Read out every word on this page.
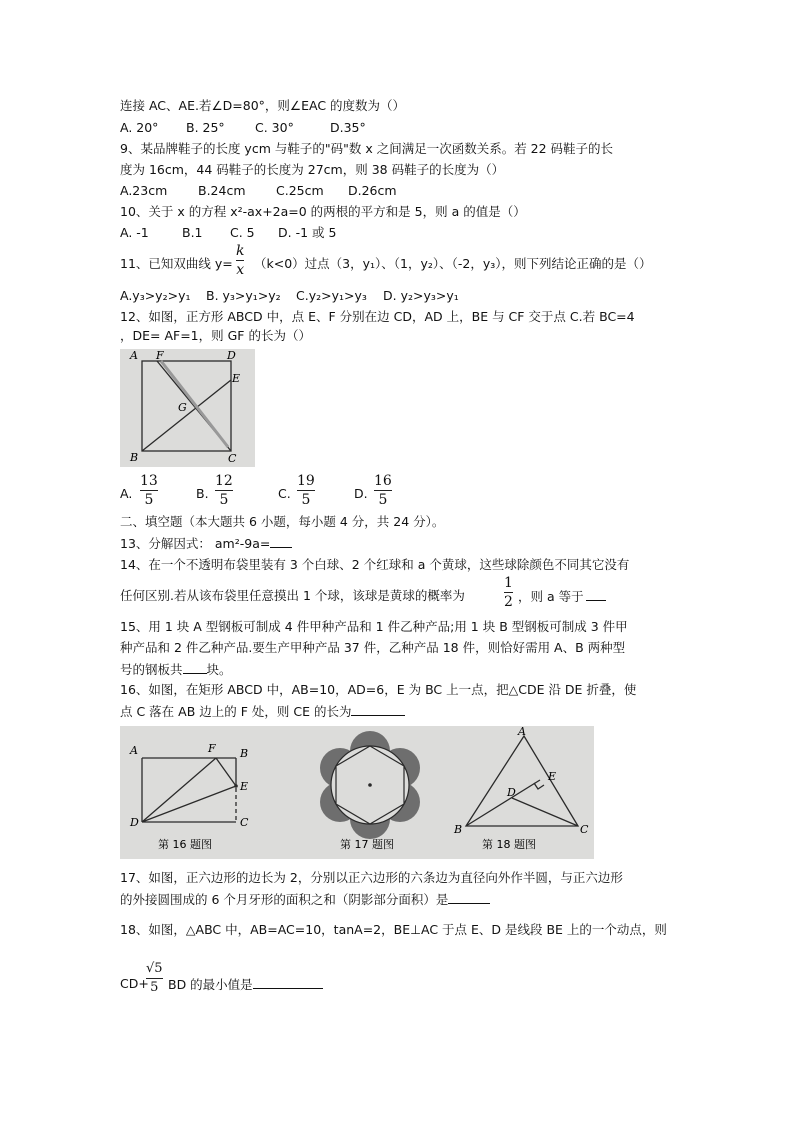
连接 AC、AE.若∠D=80°，则∠EAC 的度数为（）
A. 20° B. 25° C. 30°	D.35°
9、某品牌鞋子的长度 ycm 与鞋子的"码"数 x 之间满足一次函数关系。若 22 码鞋子的长
度为 16cm，44 码鞋子的长度为 27cm，则 38 码鞋子的长度为（）
A.23cm B.24cm C.25cm D.26cm
10、关于 x 的方程 x²-ax+2a=0 的两根的平方和是 5，则 a 的值是（）
A. -1	B.1 C. 5 D. -1 或 5
11、已知双曲线 y=
k
x （k<0）过点（3，y₁）、（1，y₂）、（-2，y₃），则下列结论正确的是（）
A.y₃>y₂>y₁ B. y₃>y₁>y₂ C.y₂>y₁>y₃ D. y₂>y₃>y₁
12、如图，正方形 ABCD 中，点 E、F 分别在边 CD，AD 上，BE 与 CF 交于点 C.若 BC=4
，DE= AF=1，则 GF 的长为（）
A F	D
E
G
B	C
A.
13
5	B.
12
5	C.
19
5	D.
16
5
二、填空题（本大题共 6 小题，每小题 4 分，共 24 分）。
13、分解因式： am²-9a=
14、在一个不透明布袋里装有 3 个白球、2 个红球和 a 个黄球，这些球除颜色不同其它没有
任何区别.若从该布袋里任意摸出 1 个球，该球是黄球的概率为
1
2 ，则 a 等于
15、用 1 块 A 型钢板可制成 4 件甲种产品和 1 件乙种产品;用 1 块 B 型钢板可制成 3 件甲
种产品和 2 件乙种产品.要生产甲种产品 37 件，乙种产品 18 件，则恰好需用 A、B 两种型
号的钢板共 块。
16、如图，在矩形 ABCD 中，AB=10，AD=6，E 为 BC 上一点，把△CDE 沿 DE 折叠，使
点 C 落在 AB 边上的 F 处，则 CE 的长为
A	F B
E
D	C
第 16 题图	第 17 题图
A
E
D
B	C
第 18 题图
17、如图，正六边形的边长为 2，分别以正六边形的六条边为直径向外作半圆，与正六边形
的外接圆围成的 6 个月牙形的面积之和（阴影部分面积）是
18、如图，△ABC 中，AB=AC=10，tanA=2，BE⊥AC 于点 E、D 是线段 BE 上的一个动点，则
CD+
√5
5 BD 的最小值是
